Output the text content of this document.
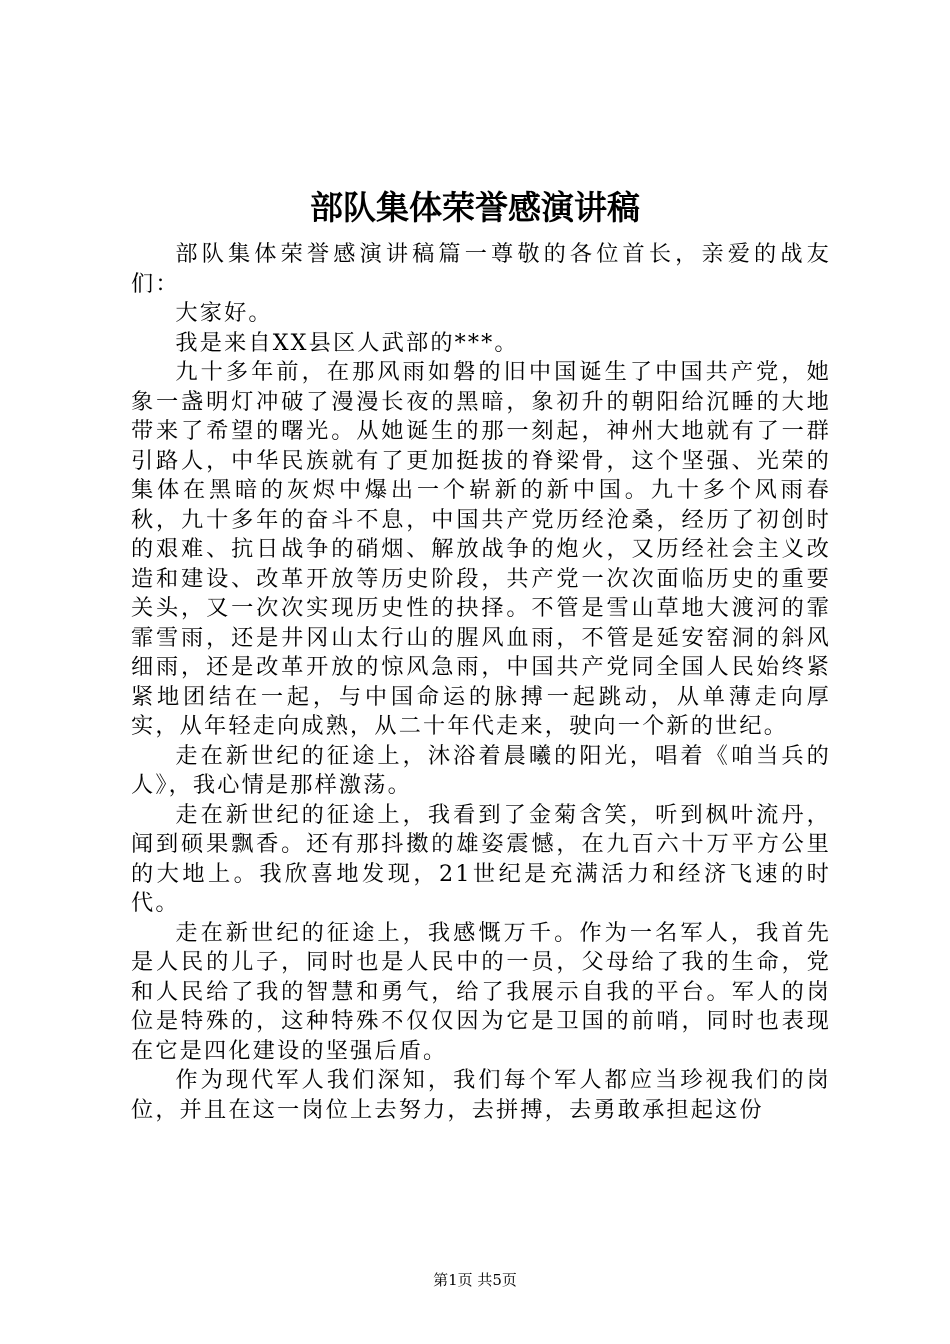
部队集体荣誉感演讲稿

部队集体荣誉感演讲稿篇一尊敬的各位首长，亲爱的战友们：

大家好。

我是来自XX县区人武部的***。

九十多年前，在那风雨如磐的旧中国诞生了中国共产党，她象一盏明灯冲破了漫漫长夜的黑暗，象初升的朝阳给沉睡的大地带来了希望的曙光。从她诞生的那一刻起，神州大地就有了一群引路人，中华民族就有了更加挺拔的脊梁骨，这个坚强、光荣的集体在黑暗的灰烬中爆出一个崭新的新中国。九十多个风雨春秋，九十多年的奋斗不息，中国共产党历经沧桑，经历了初创时的艰难、抗日战争的硝烟、解放战争的炮火，又历经社会主义改造和建设、改革开放等历史阶段，共产党一次次面临历史的重要关头，又一次次实现历史性的抉择。不管是雪山草地大渡河的霏霏雪雨，还是井冈山太行山的腥风血雨，不管是延安窑洞的斜风细雨，还是改革开放的惊风急雨，中国共产党同全国人民始终紧紧地团结在一起，与中国命运的脉搏一起跳动，从单薄走向厚实，从年轻走向成熟，从二十年代走来，驶向一个新的世纪。

走在新世纪的征途上，沐浴着晨曦的阳光，唱着《咱当兵的人》，我心情是那样激荡。

走在新世纪的征途上，我看到了金菊含笑，听到枫叶流丹，闻到硕果飘香。还有那抖擞的雄姿震憾，在九百六十万平方公里的大地上。我欣喜地发现，21世纪是充满活力和经济飞速的时代。

走在新世纪的征途上，我感慨万千。作为一名军人，我首先是人民的儿子，同时也是人民中的一员，父母给了我的生命，党和人民给了我的智慧和勇气，给了我展示自我的平台。军人的岗位是特殊的，这种特殊不仅仅因为它是卫国的前哨，同时也表现在它是四化建设的坚强后盾。

作为现代军人我们深知，我们每个军人都应当珍视我们的岗位，并且在这一岗位上去努力，去拼搏，去勇敢承担起这份

第1页 共5页
